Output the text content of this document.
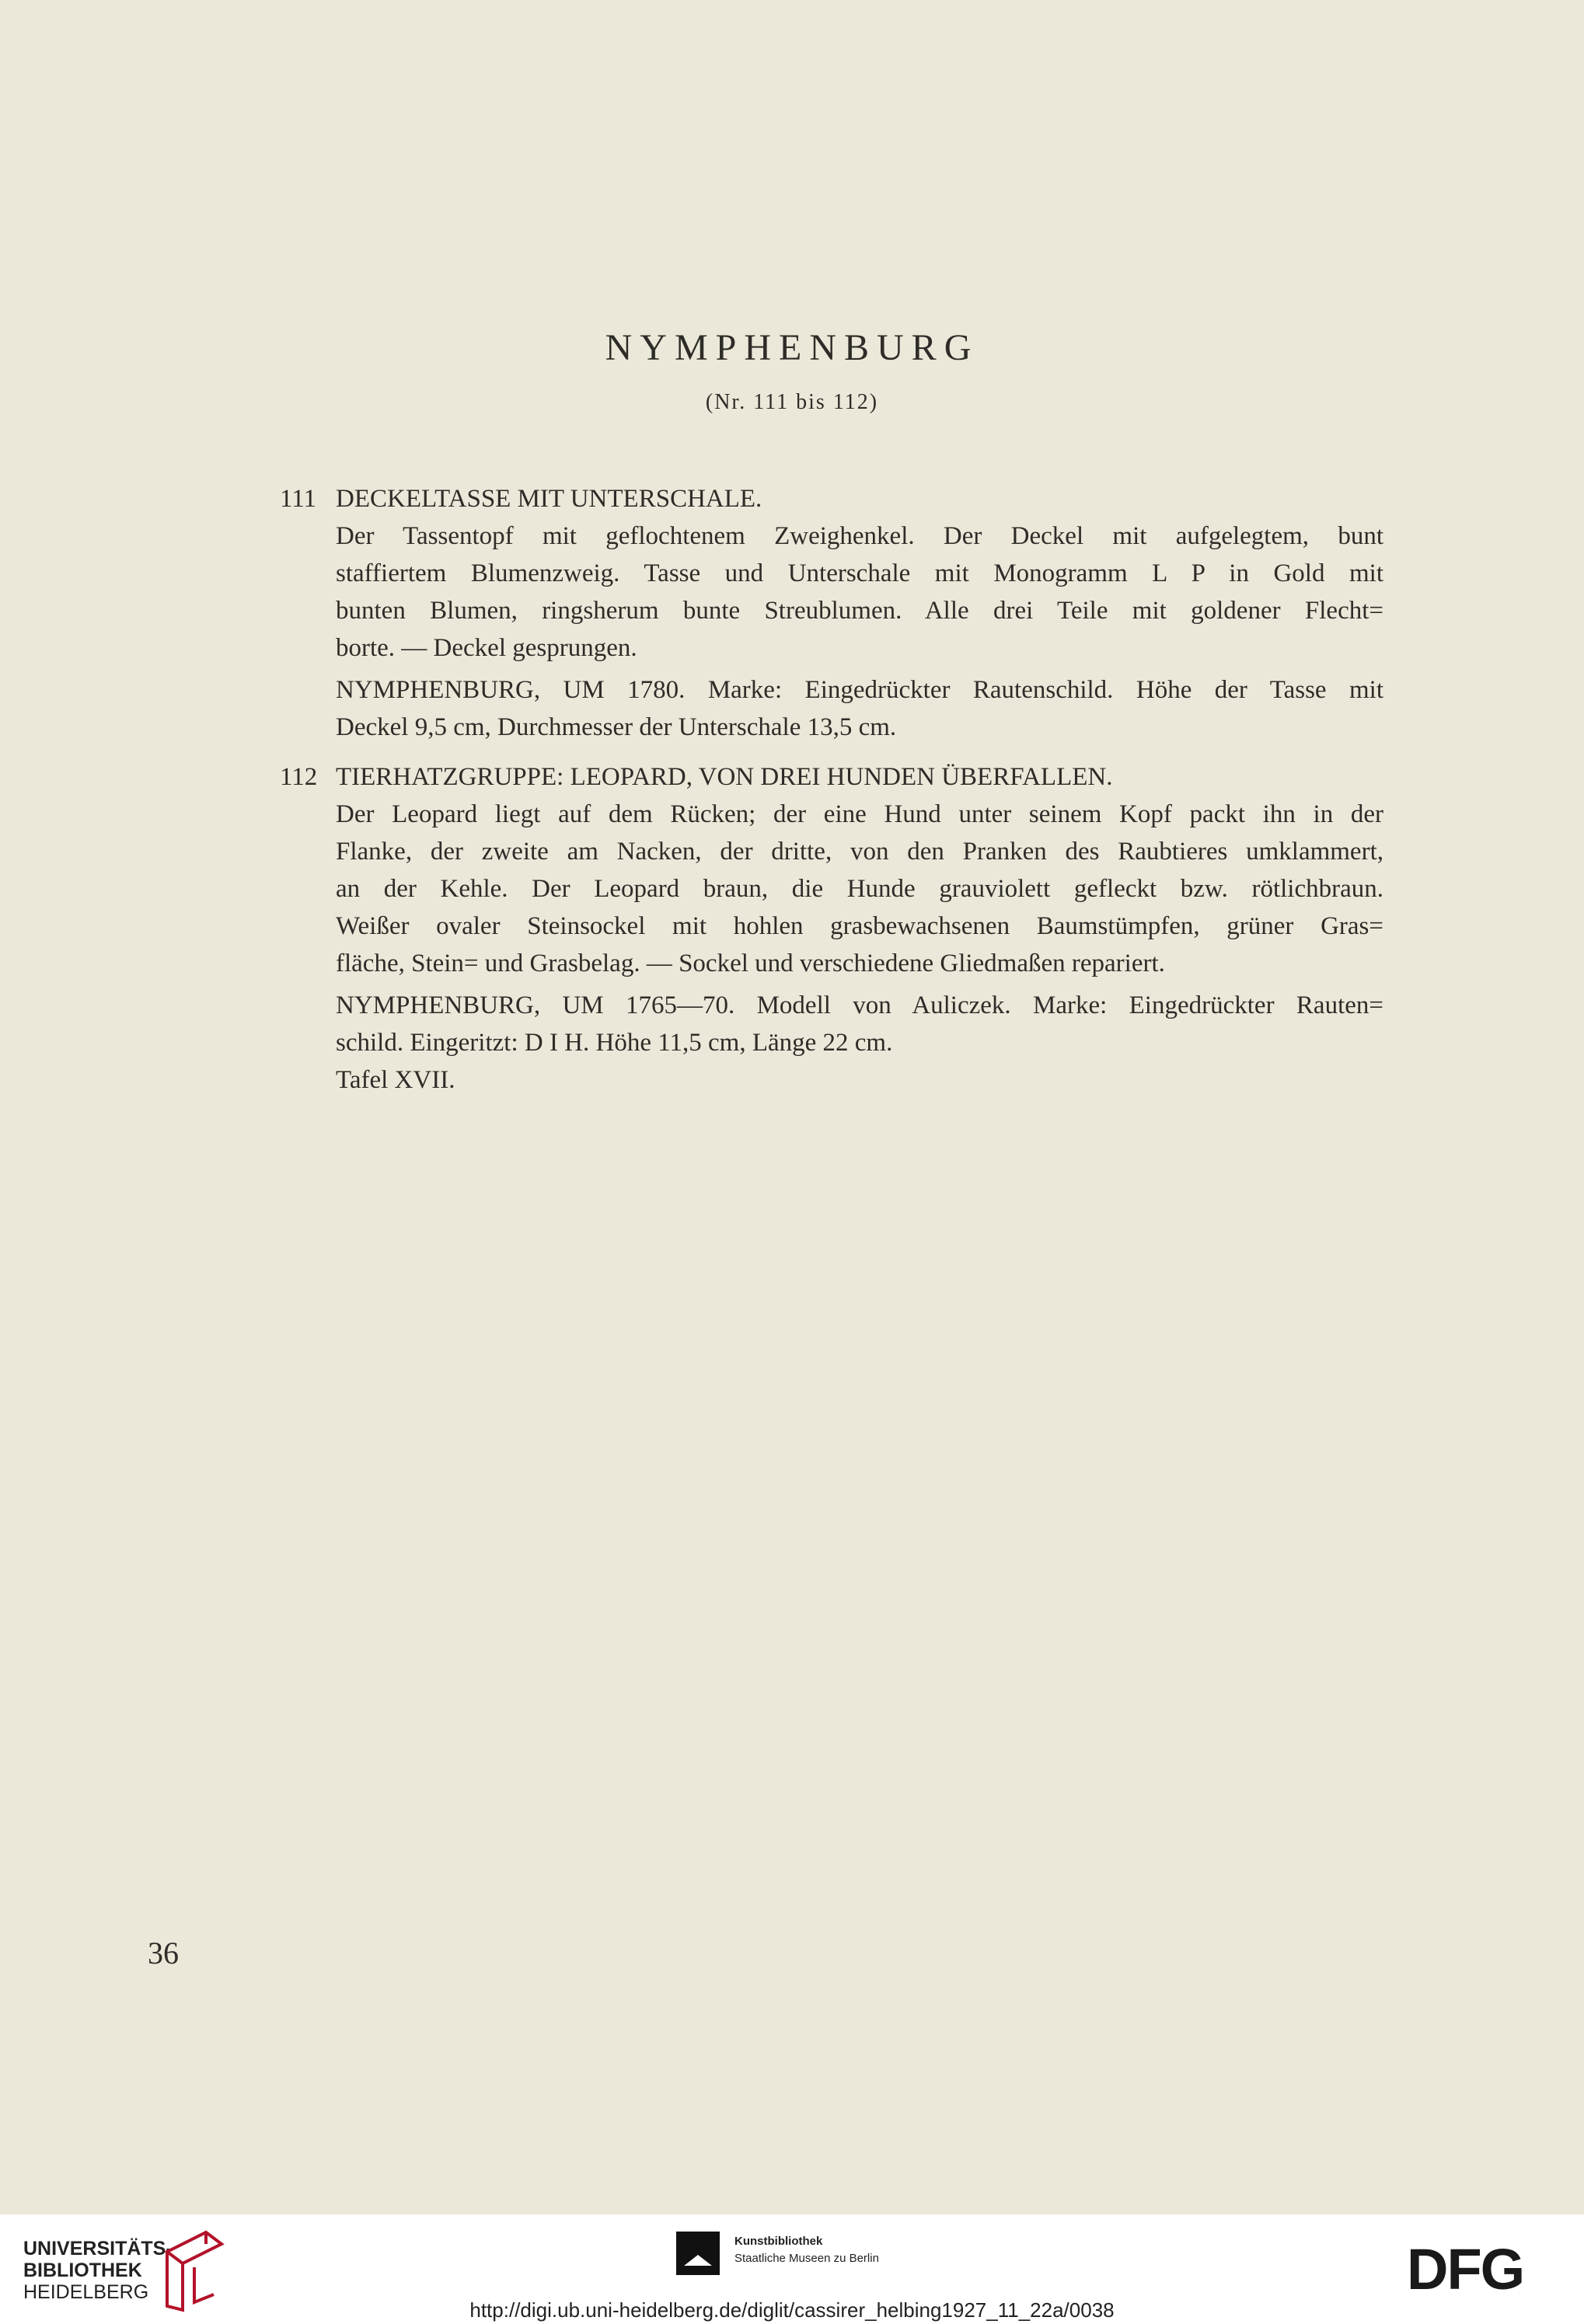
NYMPHENBURG
(Nr. 111 bis 112)
111 DECKELTASSE MIT UNTERSCHALE.
Der Tassentopf mit geflochtenem Zweighenkel. Der Deckel mit aufgelegtem, bunt
staffiertem Blumenzweig. Tasse und Unterschale mit Monogramm L P in Gold mit
bunten Blumen, ringsherum bunte Streublumen. Alle drei Teile mit goldener Flecht=
borte. — Deckel gesprungen.
NYMPHENBURG, UM 1780. Marke: Eingedrückter Rautenschild. Höhe der Tasse mit
Deckel 9,5 cm, Durchmesser der Unterschale 13,5 cm.
112 TIERHATZGRUPPE: LEOPARD, VON DREI HUNDEN ÜBERFALLEN.
Der Leopard liegt auf dem Rücken; der eine Hund unter seinem Kopf packt ihn in der
Flanke, der zweite am Nacken, der dritte, von den Pranken des Raubtieres umklammert,
an der Kehle. Der Leopard braun, die Hunde grauviolett gefleckt bzw. rötlichbraun.
Weißer ovaler Steinsockel mit hohlen grasbewachsenen Baumstümpfen, grüner Gras=
fläche, Stein= und Grasbelag. — Sockel und verschiedene Gliedmaßen repariert.
NYMPHENBURG, UM 1765—70. Modell von Auliczek. Marke: Eingedrückter Rauten=
schild. Eingeritzt: D I H. Höhe 11,5 cm, Länge 22 cm.
Tafel XVII.
36
UNIVERSITÄTS-
BIBLIOTHEK
HEIDELBERG
Kunstbibliothek
Staatliche Museen zu Berlin	DFG
http://digi.ub.uni-heidelberg.de/diglit/cassirer_helbing1927_11_22a/0038
